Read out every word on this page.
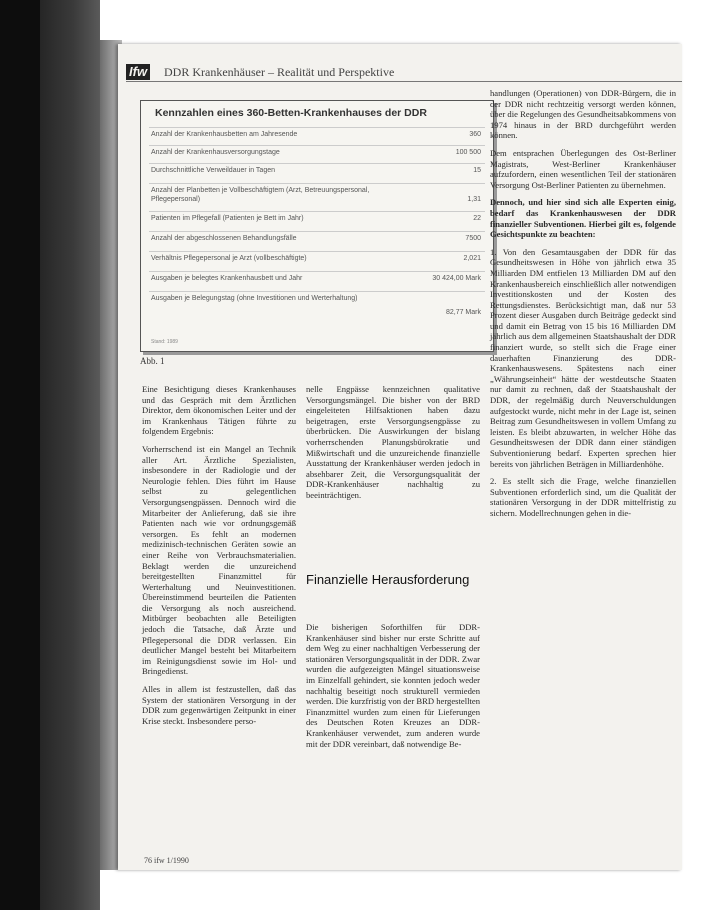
Ifw DDR Krankenhäuser – Realität und Perspektive
Kennzahlen eines 360-Betten-Krankenhauses der DDR
Anzahl der Krankenhausbetten am Jahresende	360
Anzahl der Krankenhausversorgungstage	100 500
Durchschnittliche Verweildauer in Tagen	15
Anzahl der Planbetten je Vollbeschäftigtem (Arzt, Betreuungspersonal, Pflegepersonal)	1,31
Patienten im Pflegefall (Patienten je Bett im Jahr)	22
Anzahl der abgeschlossenen Behandlungsfälle	7500
Verhältnis Pflegepersonal je Arzt (vollbeschäftigte)	2,021
Ausgaben je belegtes Krankenhausbett und Jahr	30 424,00 Mark
Ausgaben je Belegungstag (ohne Investitionen und Werterhaltung)
82,77 Mark
Stand: 1989
Abb. 1

Eine Besichtigung dieses Krankenhauses und das Gespräch mit dem Ärztlichen Direktor, dem ökonomischen Leiter und der im Krankenhaus Tätigen führte zu folgendem Ergebnis:

Vorherrschend ist ein Mangel an Technik aller Art. Ärztliche Spezialisten, insbesondere in der Radiologie und der Neurologie fehlen. Dies führt im Hause selbst zu gelegentlichen Versorgungsengpässen. Dennoch wird die Mitarbeiter der Anlieferung, daß sie ihre Patienten nach wie vor ordnungsgemäß versorgen. Es fehlt an modernen medizinisch-technischen Geräten sowie an einer Reihe von Verbrauchsmaterialien. Beklagt werden die unzureichend bereitgestellten Finanzmittel für Werterhaltung und Neuinvestitionen. Übereinstimmend beurteilen die Patienten die Versorgung als noch ausreichend. Mitbürger beobachten alle Beteiligten jedoch die Tatsache, daß Ärzte und Pflegepersonal die DDR verlassen. Ein deutlicher Mangel besteht bei Mitarbeitern im Reinigungsdienst sowie im Hol- und Bringedienst.

Alles in allem ist festzustellen, daß das System der stationären Versorgung in der DDR zum gegenwärtigen Zeitpunkt in einer Krise steckt. Insbesondere perso-

nelle Engpässe kennzeichnen qualitative Versorgungsmängel. Die bisher von der BRD eingeleiteten Hilfsaktionen haben dazu beigetragen, erste Versorgungsengpässe zu überbrücken. Die Auswirkungen der bislang vorherrschenden Planungsbürokratie und Mißwirtschaft und die unzureichende finanzielle Ausstattung der Krankenhäuser werden jedoch in absehbarer Zeit, die Versorgungsqualität der DDR-Krankenhäuser nachhaltig zu beeinträchtigen.

Finanzielle Herausforderung

Die bisherigen Soforthilfen für DDR-Krankenhäuser sind bisher nur erste Schritte auf dem Weg zu einer nachhaltigen Verbesserung der stationären Versorgungsqualität in der DDR. Zwar wurden die aufgezeigten Mängel situationsweise im Einzelfall gehindert, sie konnten jedoch weder nachhaltig beseitigt noch strukturell vermieden werden. Die kurzfristig von der BRD hergestellten Finanzmittel wurden zum einen für Lieferungen des Deutschen Roten Kreuzes an DDR-Krankenhäuser verwendet, zum anderen wurde mit der DDR vereinbart, daß notwendige Be-

handlungen (Operationen) von DDR-Bürgern, die in der DDR nicht rechtzeitig versorgt werden können, über die Regelungen des Gesundheitsabkommens von 1974 hinaus in der BRD durchgeführt werden können.

Dem entsprachen Überlegungen des Ost-Berliner Magistrats, West-Berliner Krankenhäuser aufzufordern, einen wesentlichen Teil der stationären Versorgung Ost-Berliner Patienten zu übernehmen.

Dennoch, und hier sind sich alle Experten einig, bedarf das Krankenhauswesen der DDR finanzieller Subventionen. Hierbei gilt es, folgende Gesichtspunkte zu beachten:

1. Von den Gesamtausgaben der DDR für das Gesundheitswesen in Höhe von jährlich etwa 35 Milliarden DM entfielen 13 Milliarden DM auf den Krankenhausbereich einschließlich aller notwendigen Investitionskosten und der Kosten des Rettungsdienstes. Berücksichtigt man, daß nur 53 Prozent dieser Ausgaben durch Beiträge gedeckt sind und damit ein Betrag von 15 bis 16 Milliarden DM jährlich aus dem allgemeinen Staatshaushalt der DDR finanziert wurde, so stellt sich die Frage einer dauerhaften Finanzierung des DDR-Krankenhauswesens. Spätestens nach einer „Währungseinheit“ hätte der westdeutsche Staaten nur damit zu rechnen, daß der Staatshaushalt der DDR, der regelmäßig durch Neuverschuldungen aufgestockt wurde, nicht mehr in der Lage ist, seinen Beitrag zum Gesundheitswesen in vollem Umfang zu leisten. Es bleibt abzuwarten, in welcher Höhe das Gesundheitswesen der DDR dann einer ständigen Subventionierung bedarf. Experten sprechen hier bereits von jährlichen Beträgen in Milliardenhöhe.

2. Es stellt sich die Frage, welche finanziellen Subventionen erforderlich sind, um die Qualität der stationären Versorgung in der DDR mittelfristig zu sichern. Modellrechnungen gehen in die-

76 ifw 1/1990
